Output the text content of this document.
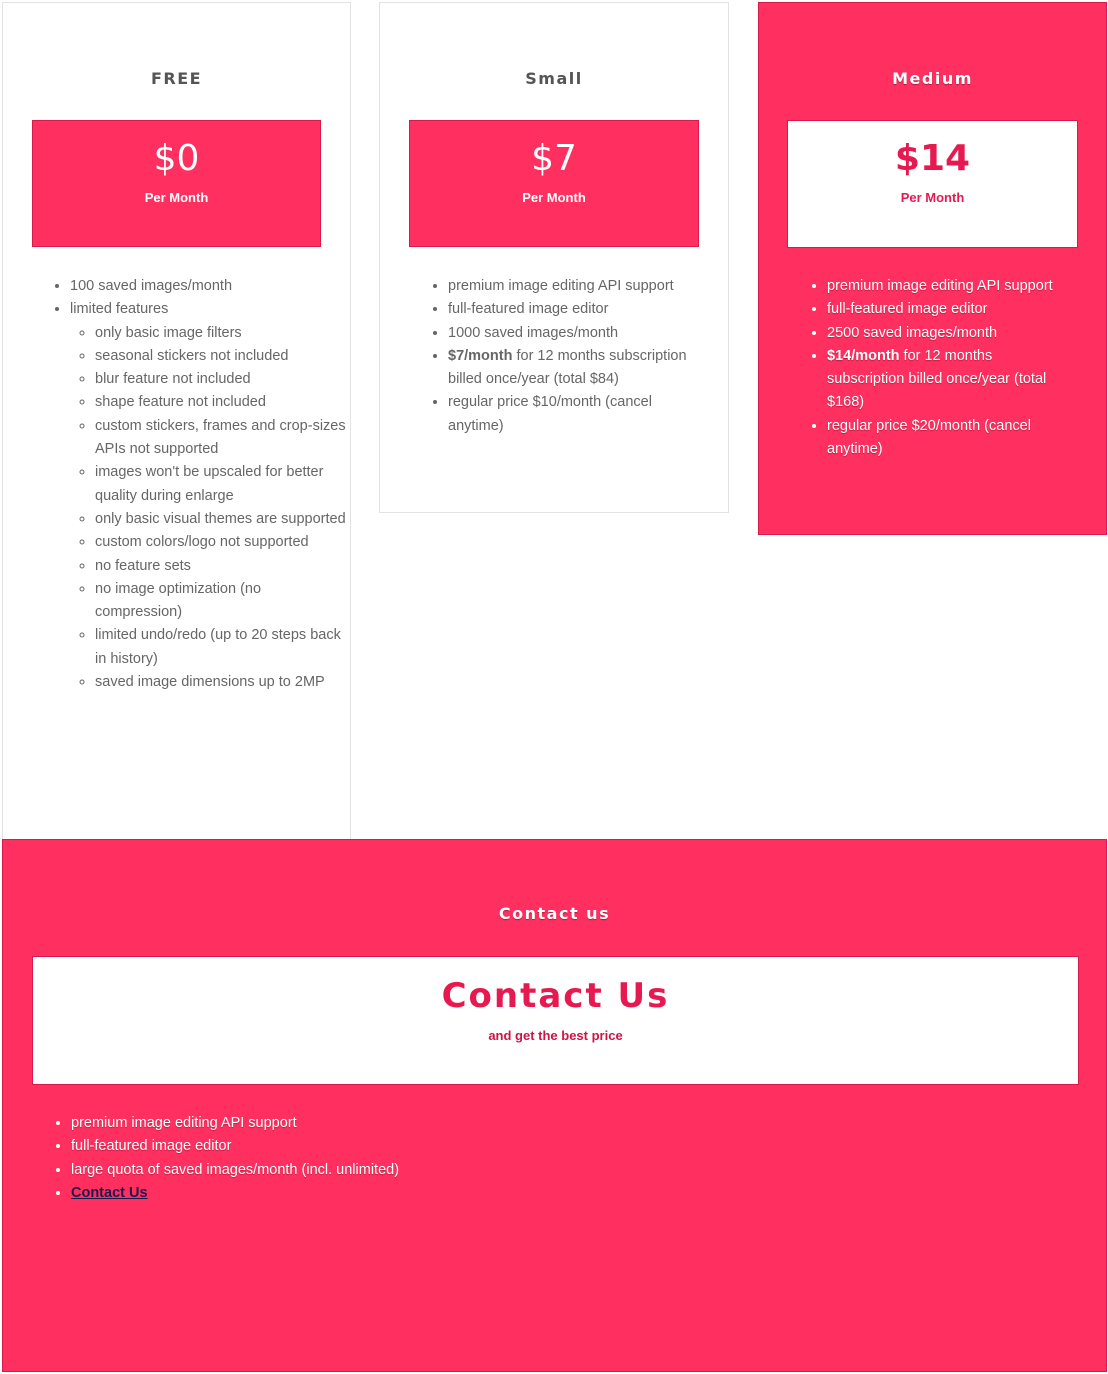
FREE
$0
Per Month
• 100 saved images/month
• limited features
◦ only basic image filters
◦ seasonal stickers not included
◦ blur feature not included
◦ shape feature not included
◦ custom stickers, frames and crop-sizes APIs not supported
◦ images won't be upscaled for better quality during enlarge
◦ only basic visual themes are supported
◦ custom colors/logo not supported
◦ no feature sets
◦ no image optimization (no compression)
◦ limited undo/redo (up to 20 steps back in history)
◦ saved image dimensions up to 2MP
Small
$7
Per Month
• premium image editing API support
• full-featured image editor
• 1000 saved images/month
• $7/month for 12 months subscription billed once/year (total $84)
• regular price $10/month (cancel anytime)
Medium
$14
Per Month
• premium image editing API support
• full-featured image editor
• 2500 saved images/month
• $14/month for 12 months subscription billed once/year (total $168)
• regular price $20/month (cancel anytime)
Contact us
Contact Us
and get the best price
• premium image editing API support
• full-featured image editor
• large quota of saved images/month (incl. unlimited)
• Contact Us
